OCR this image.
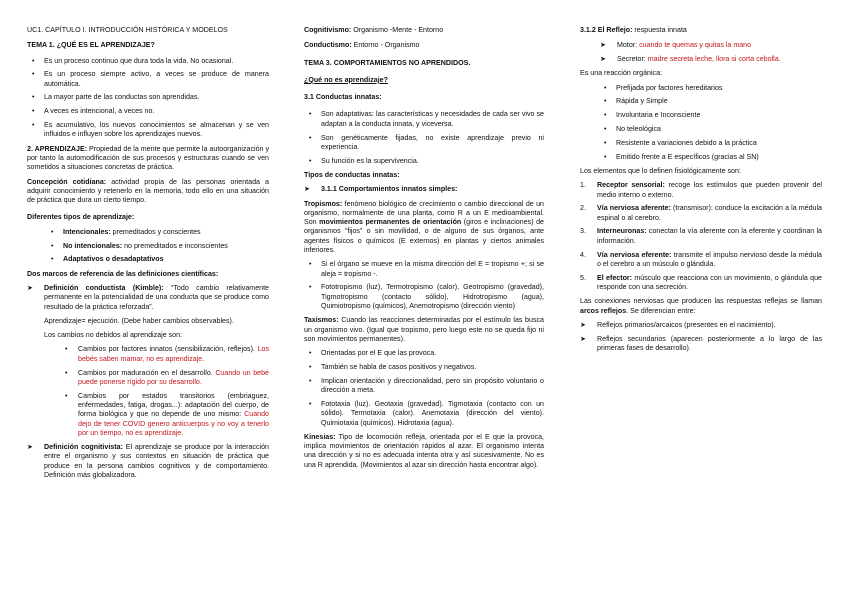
UC1. CAPÍTULO I. INTRODUCCIÓN HISTÓRICA Y MODELOS

TEMA 1. ¿QUÉ ES EL APRENDIZAJE?

• Es un proceso continuo que dura toda la vida. No ocasional.
• Es un proceso siempre activo, a veces se produce de manera automática.
• La mayor parte de las conductas son aprendidas.
• A veces es intencional, a veces no.
• Es acumulativo, los nuevos conocimientos se almacenan y se ven influidos e influyen sobre los aprendizajes nuevos.

2. APRENDIZAJE: Propiedad de la mente que permite la autoorganización y por tanto la automodificación de sus procesos y estructuras cuando se ven sometidos a situaciones concretas de práctica.

Concepción cotidiana: actividad propia de las personas orientada a adquirir conocimiento y retenerlo en la memoria, todo ello en una situación de práctica que dura un cierto tiempo.

Diferentes tipos de aprendizaje:

• Intencionales: premeditados y conscientes
• No intencionales: no premeditados e inconscientes
• Adaptativos o desadaptativos

Dos marcos de referencia de las definiciones científicas:

➤ Definición conductista (Kimble): “Todo cambio relativamente permanente en la potencialidad de una conducta que se produce como resultado de la práctica reforzada”.

Aprendizaje= ejecución. (Debe haber cambios observables).

Los cambios no debidos al aprendizaje son:

• Cambios por factores innatos (sensibilización, reflejos). Los bebés saben mamar, no es aprendizaje.
• Cambios por maduración en el desarrollo. Cuando un bebé puede ponerse rígido por su desarrollo.
• Cambios por estados transitorios (embriaguez, enfermedades, fatiga, drogas...): adaptación del cuerpo, de forma biológica y que no depende de uno mismo: Cuando dejo de tener COVID genero anticuerpos y no voy a tenerlo por un tiempo, no es aprendizaje.
➤ Definición cognitivista: El aprendizaje se produce por la interacción entre el organismo y sus contextos en situación de práctica que produce en la persona cambios cognitivos y de comportamiento. Definición más globalizadora.

Cognitivismo: Organismo -Mente - Entorno

Conductismo: Entorno - Organismo

TEMA 3. COMPORTAMIENTOS NO APRENDIDOS.

¿Qué no es aprendizaje?

3.1 Conductas innatas:

• Son adaptativas: las características y necesidades de cada ser vivo se adaptan a la conducta innata, y viceversa.
• Son genéticamente fijadas, no existe aprendizaje previo ni experiencia.
• Su función es la supervivencia.

Tipos de conductas innatas:

➤ 3.1.1 Comportamientos innatos simples:

Tropismos: fenómeno biológico de crecimiento o cambio direccional de un organismo, normalmente de una planta, como R a un E medioambiental. Son movimientos permanentes de orientación (giros e inclinaciones) de organismos “fijos” o sin movilidad, o de alguno de sus órganos, ante agentes físicos o químicos (E externos) en plantas y ciertos animales inferiores.

• Si el órgano se mueve en la misma dirección del E = tropismo +; si se aleja = tropismo -.
• Fototropismo (luz), Termotropismo (calor), Geotropismo (gravedad), Tigmotropismo (contacto sólido), Hidrotropismo (agua), Quimiotropismo (químicos), Anemotropismo (dirección viento)

Taxismos: Cuando las reacciones determinadas por el estímulo las busca un organismo vivo. (Igual que tropismo, pero luego este no se queda fijo ni son movimientos permanentes).

• Orientadas por el E que las provoca.
• También se habla de casos positivos y negativos.
• Implican orientación y direccionalidad, pero sin propósito voluntario o dirección a meta.
• Fototaxia (luz). Geotaxia (gravedad). Tigmotaxia (contacto con un sólido). Termotaxia (calor). Anemotaxia (dirección del viento). Quimiotaxia (químicos). Hidrotaxia (agua).

Kinesias: Tipo de locomoción refleja, orientada por el E que la provoca, implica movimientos de orientación rápidos al azar. El organismo intenta una dirección y si no es adecuada intenta otra y así sucesivamente. No es una R aprendida. (Movimientos al azar sin dirección hasta encontrar algo).

3.1.2 El Reflejo: respuesta innata

➤ Motor: cuando te quemas y quitas la mano
➤ Secretor: madre secreta leche, llora si corta cebolla.

Es una reacción orgánica:

• Prefijada por factores hereditarios
• Rápida y Simple
• Involuntaria e Inconsciente
• No teleológica
• Resistente a variaciones debido a la práctica
• Emitido frente a E específicos (gracias al SN)

Los elementos que lo definen fisiológicamente son:

1. Receptor sensorial: recoge los estímulos que pueden provenir del medio interno o externo.
2. Vía nerviosa aferente: (transmisor): conduce la excitación a la médula espinal o al cerebro.
3. Interneuronas: conectan la vía aferente con la eferente y coordinan la información.
4. Vía nerviosa eferente: transmite el impulso nervioso desde la médula o el cerebro a un músculo o glándula.
5. El efector: músculo que reacciona con un movimiento, o glándula que responde con una secreción.

Las conexiones nerviosas que producen las respuestas reflejas se llaman arcos reflejos. Se diferencian entre:

➤ Reflejos primarios/arcaicos (presentes en el nacimiento).
➤ Reflejos secundarios (aparecen posteriormente a lo largo de las primeras fases de desarrollo).
